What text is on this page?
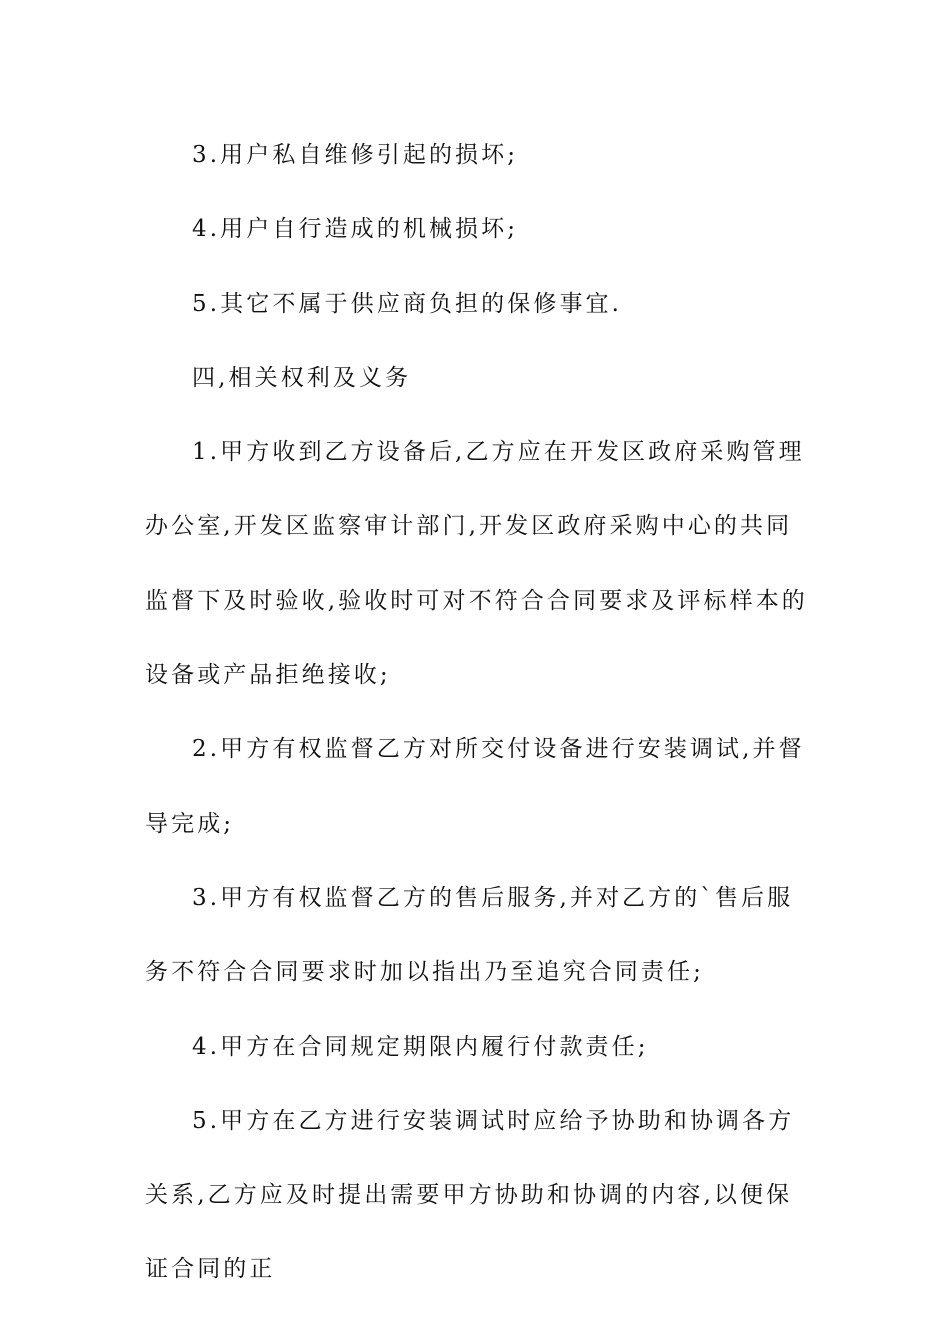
3.用户私自维修引起的损坏;

4.用户自行造成的机械损坏;

5.其它不属于供应商负担的保修事宜.

四,相关权利及义务

1.甲方收到乙方设备后,乙方应在开发区政府采购管理办公室,开发区监察审计部门,开发区政府采购中心的共同监督下及时验收,验收时可对不符合合同要求及评标样本的设备或产品拒绝接收;

2.甲方有权监督乙方对所交付设备进行安装调试,并督导完成;

3.甲方有权监督乙方的售后服务,并对乙方的`售后服务不符合合同要求时加以指出乃至追究合同责任;

4.甲方在合同规定期限内履行付款责任;

5.甲方在乙方进行安装调试时应给予协助和协调各方关系,乙方应及时提出需要甲方协助和协调的内容,以便保证合同的正
